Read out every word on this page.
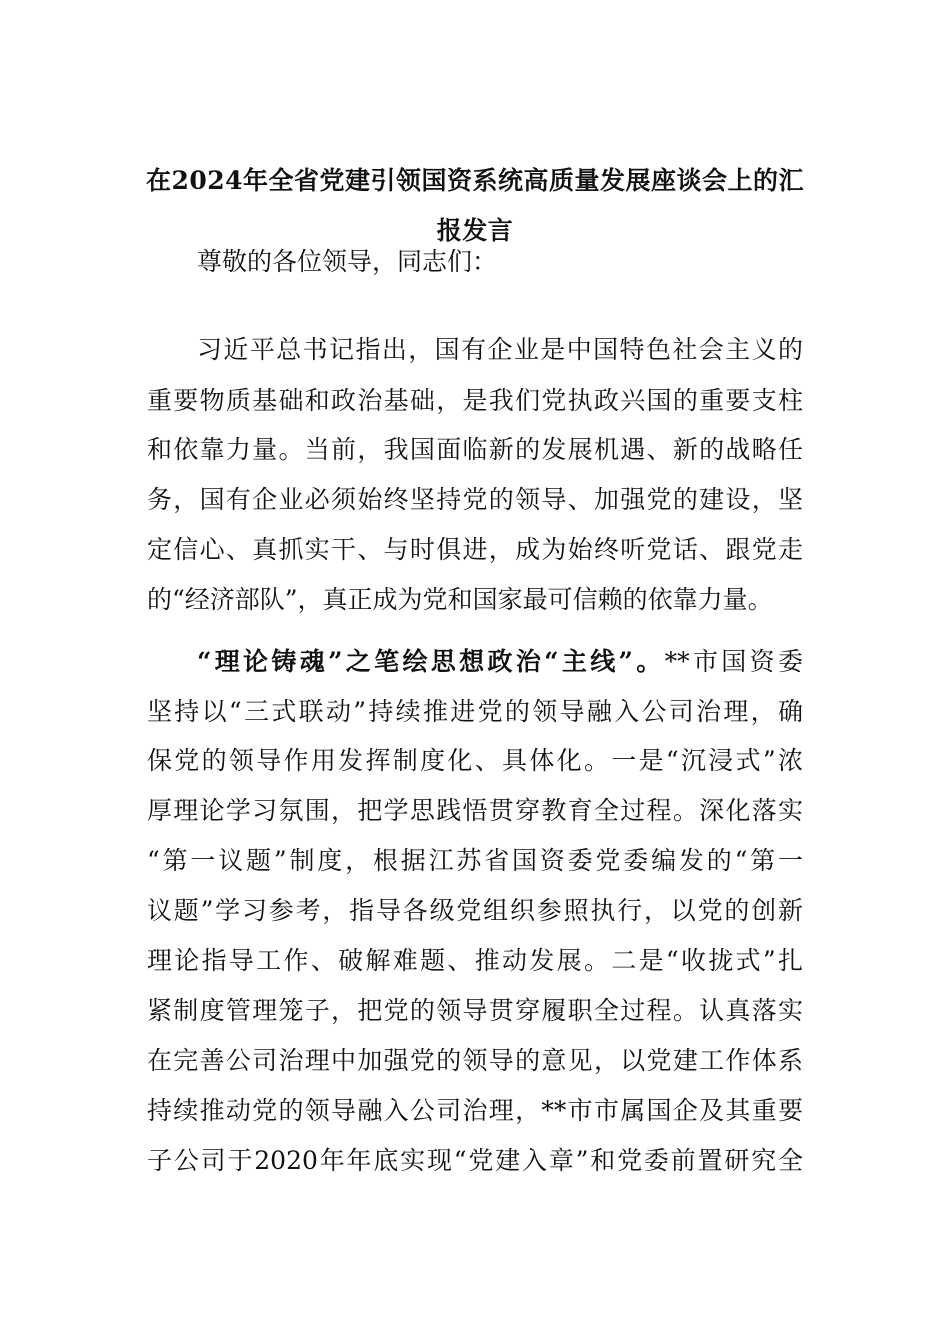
在2024年全省党建引领国资系统高质量发展座谈会上的汇
报发言

尊敬的各位领导，同志们：

习近平总书记指出，国有企业是中国特色社会主义的

重要物质基础和政治基础，是我们党执政兴国的重要支柱

和依靠力量。当前，我国面临新的发展机遇、新的战略任

务，国有企业必须始终坚持党的领导、加强党的建设，坚

定信心、真抓实干、与时俱进，成为始终听党话、跟党走

的“经济部队”，真正成为党和国家最可信赖的依靠力量。

“理论铸魂”之笔绘思想政治“主线”。**市国资委

坚持以“三式联动”持续推进党的领导融入公司治理，确

保党的领导作用发挥制度化、具体化。一是“沉浸式”浓

厚理论学习氛围，把学思践悟贯穿教育全过程。深化落实

“第一议题”制度，根据江苏省国资委党委编发的“第一

议题”学习参考，指导各级党组织参照执行，以党的创新

理论指导工作、破解难题、推动发展。二是“收拢式”扎

紧制度管理笼子，把党的领导贯穿履职全过程。认真落实

在完善公司治理中加强党的领导的意见，以党建工作体系

持续推动党的领导融入公司治理，**市市属国企及其重要

子公司于2020年年底实现“党建入章”和党委前置研究全
